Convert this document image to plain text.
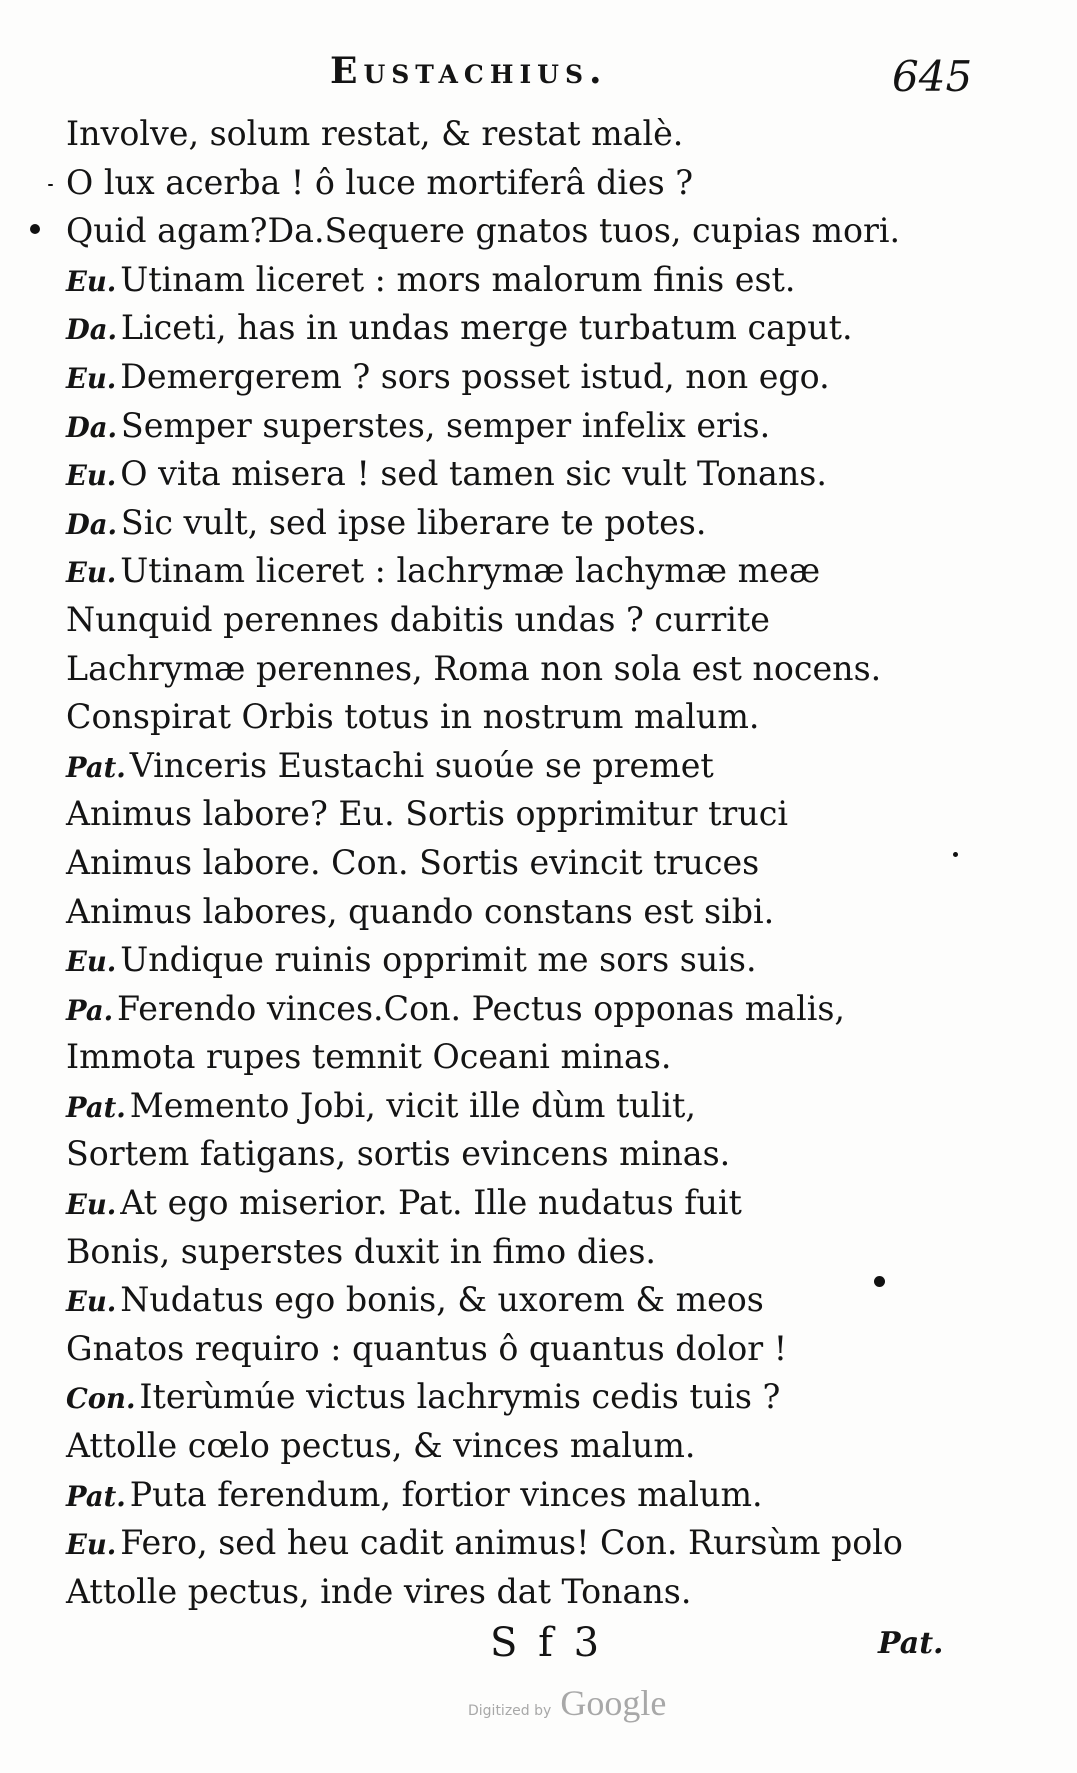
Eustachius.	645
Involve, solum restat, & restat malè.
O lux acerba ! ô luce mortiferâ dies ?
Quid agam?Da.Sequere gnatos tuos, cupias mori.
Eu. Utinam liceret : mors malorum finis est.
Da. Liceti, has in undas merge turbatum caput.
Eu. Demergerem ? sors posset istud, non ego.
Da. Semper superstes, semper infelix eris.
Eu. O vita misera ! sed tamen sic vult Tonans.
Da. Sic vult, sed ipse liberare te potes.
Eu. Utinam liceret : lachrymæ lachymæ meæ
Nunquid perennes dabitis undas ? currite
Lachrymæ perennes, Roma non sola est nocens.
Conspirat Orbis totus in nostrum malum.
Pat. Vinceris Eustachi suoúe se premet
Animus labore? Eu. Sortis opprimitur truci
Animus labore. Con. Sortis evincit truces
Animus labores, quando constans est sibi.
Eu. Undique ruinis opprimit me sors suis.
Pa. Ferendo vinces.Con. Pectus opponas malis,
Immota rupes temnit Oceani minas.
Pat. Memento Jobi, vicit ille dùm tulit,
Sortem fatigans, sortis evincens minas.
Eu. At ego miserior. Pat. Ille nudatus fuit
Bonis, superstes duxit in fimo dies.
Eu. Nudatus ego bonis, & uxorem & meos
Gnatos requiro : quantus ô quantus dolor !
Con. Iterùmúe victus lachrymis cedis tuis ?
Attolle cœlo pectus, & vinces malum.
Pat. Puta ferendum, fortior vinces malum.
Eu. Fero, sed heu cadit animus! Con. Rursùm polo
Attolle pectus, inde vires dat Tonans.
S f 3	Pat.
Digitized by Google
